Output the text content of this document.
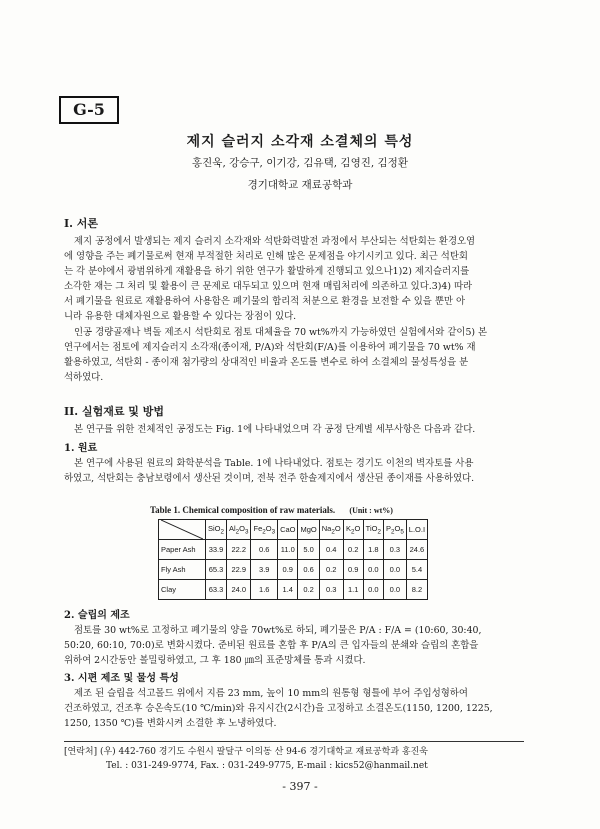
G-5
제지 슬러지 소각재 소결체의 특성
홍진욱, 강승구, 이기강, 김유택, 김영진, 김정환
경기대학교 재료공학과
I. 서론
제지 공정에서 발생되는 제지 슬러지 소각재와 석탄화력발전 과정에서 부산되는 석탄회는 환경오염
에 영향을 주는 폐기물로써 현재 부적절한 처리로 인해 많은 문제점을 야기시키고 있다. 최근 석탄회
는 각 분야에서 광범위하게 재활용을 하기 위한 연구가 활발하게 진행되고 있으나1)2) 제지슬러지를
소각한 재는 그 처리 및 활용이 큰 문제로 대두되고 있으며 현재 매립처리에 의존하고 있다.3)4) 따라
서 폐기물을 원료로 재활용하여 사용함은 폐기물의 합리적 처분으로 환경을 보전할 수 있을 뿐만 아
니라 유용한 대체자원으로 활용할 수 있다는 장점이 있다.
인공 경량골재나 벽돌 제조시 석탄회로 점토 대체율을 70 wt%까지 가능하였던 실험에서와 같이5) 본
연구에서는 점토에 제지슬러지 소각재(종이재, P/A)와 석탄회(F/A)를 이용하여 폐기물을 70 wt% 재
활용하였고, 석탄회 - 종이재 첨가량의 상대적인 비율과 온도를 변수로 하여 소결체의 물성특성을 분
석하였다.
II. 실험재료 및 방법
본 연구를 위한 전체적인 공정도는 Fig. 1에 나타내었으며 각 공정 단계별 세부사항은 다음과 같다.
1. 원료
본 연구에 사용된 원료의 화학분석을 Table. 1에 나타내었다. 점토는 경기도 이천의 벽자토를 사용
하였고, 석탄회는 충남보령에서 생산된 것이며, 전북 전주 한솔제지에서 생산된 종이재를 사용하였다.
Table 1. Chemical composition of raw materials. (Unit : wt%)
	SiO$_2$	$Al_2O_3$	$Fe_2O_3$	CaO	MgO	$Na_2O$	$K_2O$	TiO$_2$	$P_2O_5$	L.O.I
Paper Ash	33.9	22.2	0.6	11.0	5.0	0.4	0.2	1.8	0.3	24.6
Fly Ash	65.3	22.9	3.9	0.9	0.6	0.2	0.9	0.0	0.0	5.4
Clay	63.3	24.0	1.6	1.4	0.2	0.3	1.1	0.0	0.0	8.2
2. 슬립의 제조
점토를 30 wt%로 고정하고 폐기물의 양을 70wt%로 하되, 폐기물은 P/A : F/A = (10:60, 30:40,
50:20, 60:10, 70:0)로 변화시켰다. 준비된 원료를 혼합 후 P/A의 큰 입자들의 분쇄와 슬립의 혼합을
위하여 2시간동안 볼밀링하였고, 그 후 180 ㎛의 표준망체를 통과 시켰다.
3. 시편 제조 및 물성 특성
제조 된 슬립을 석고몰드 위에서 지름 23 mm, 높이 10 mm의 원통형 형틀에 부어 주입성형하여
건조하였고, 건조후 승온속도(10 ℃/min)와 유지시간(2시간)을 고정하고 소결온도(1150, 1200, 1225,
1250, 1350 ℃)를 변화시켜 소결한 후 노냉하였다.
[연락처] (우) 442-760 경기도 수원시 팔달구 이의동 산 94-6 경기대학교 재료공학과 홍진욱
Tel. : 031-249-9774, Fax. : 031-249-9775, E-mail : kics52@hanmail.net
- 397 -
